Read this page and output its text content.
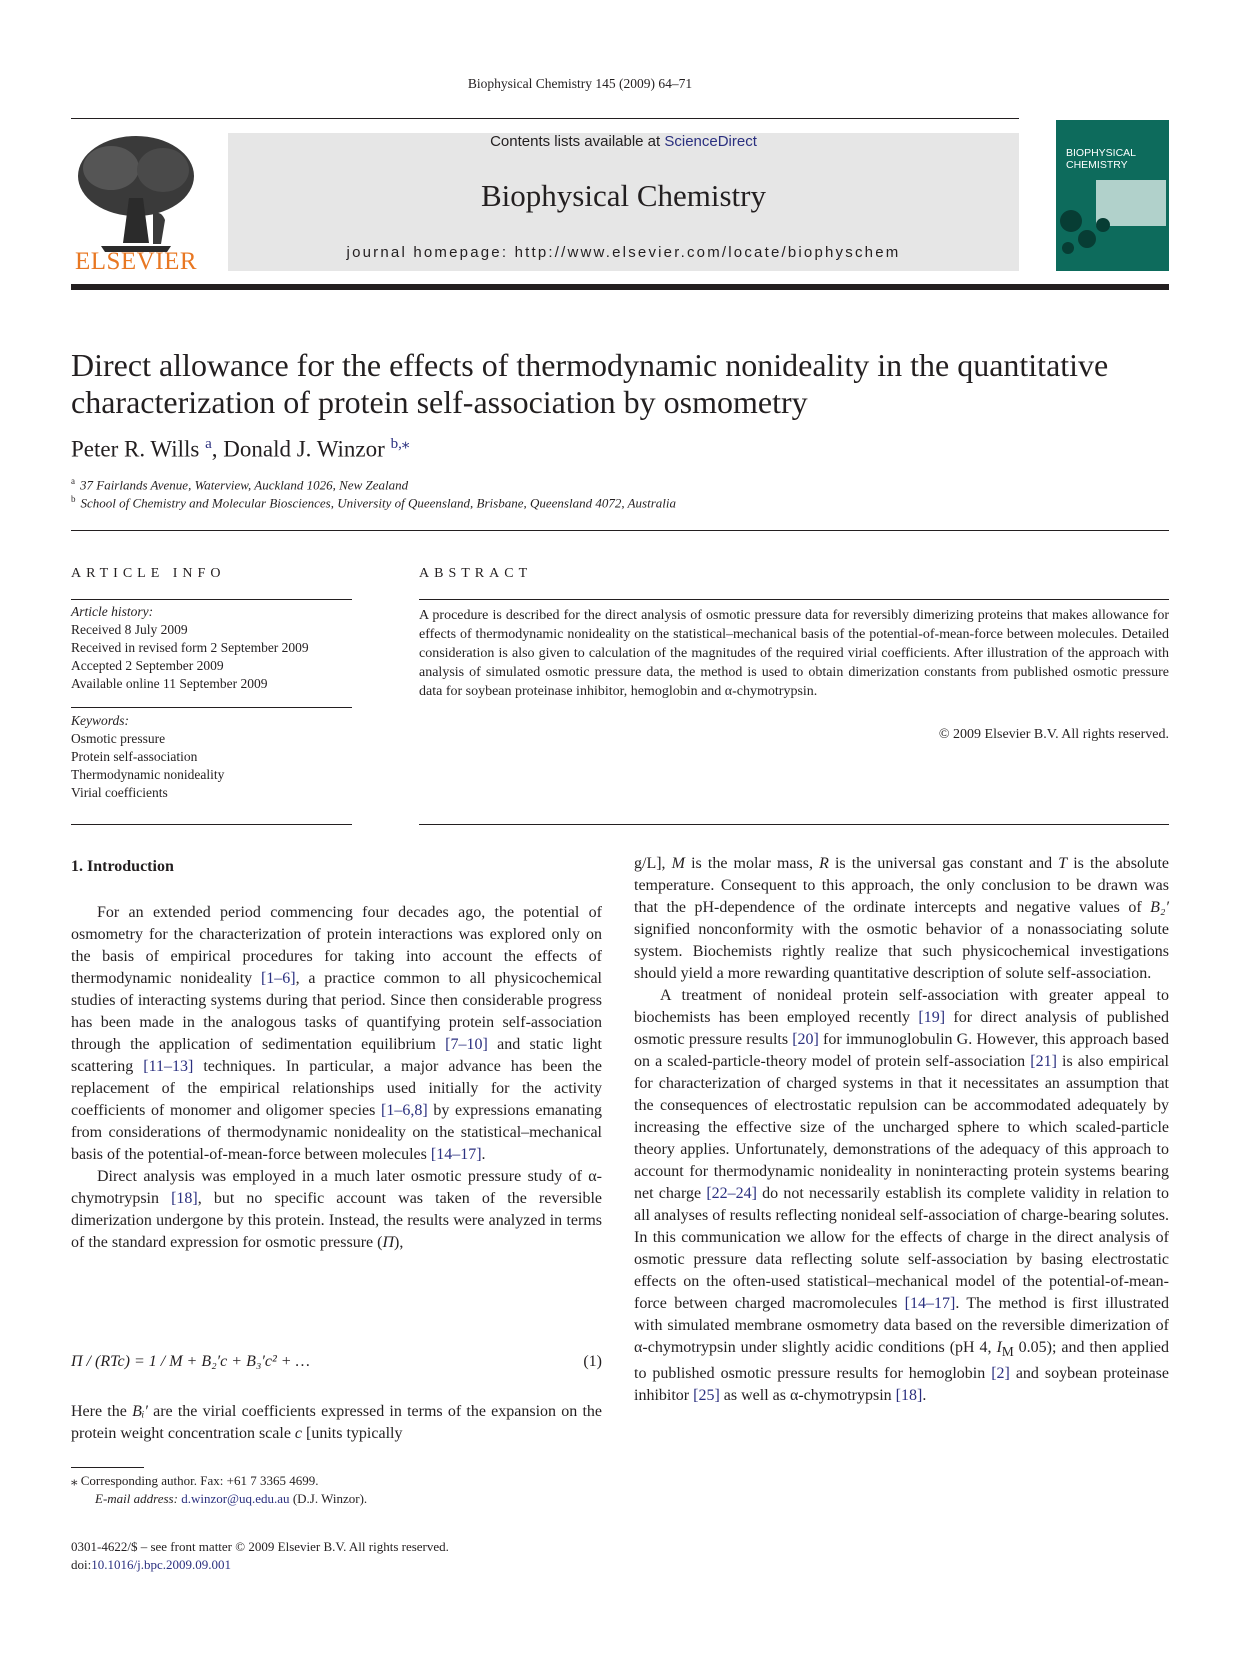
Biophysical Chemistry 145 (2009) 64–71
ELSEVIER
Contents lists available at ScienceDirect
Biophysical Chemistry
journal homepage: http://www.elsevier.com/locate/biophyschem
BIOPHYSICAL
CHEMISTRY
Direct allowance for the effects of thermodynamic nonideality in the quantitative
characterization of protein self-association by osmometry
Peter R. Wills $^a$, Donald J. Winzor $^{b,⁎}$
$^a$ 37 Fairlands Avenue, Waterview, Auckland 1026, New Zealand
$^b$ School of Chemistry and Molecular Biosciences, University of Queensland, Brisbane, Queensland 4072, Australia
ARTICLE INFO
Article history:
Received 8 July 2009
Received in revised form 2 September 2009
Accepted 2 September 2009
Available online 11 September 2009
Keywords:
Osmotic pressure
Protein self-association
Thermodynamic nonideality
Virial coefficients
ABSTRACT
A procedure is described for the direct analysis of osmotic pressure data for reversibly dimerizing proteins that makes allowance for effects of thermodynamic nonideality on the statistical–mechanical basis of the potential-of-mean-force between molecules. Detailed consideration is also given to calculation of the magnitudes of the required virial coefficients. After illustration of the approach with analysis of simulated osmotic pressure data, the method is used to obtain dimerization constants from published osmotic pressure data for soybean proteinase inhibitor, hemoglobin and α-chymotrypsin.
© 2009 Elsevier B.V. All rights reserved.
1. Introduction

For an extended period commencing four decades ago, the potential of osmometry for the characterization of protein interactions was explored only on the basis of empirical procedures for taking into account the effects of thermodynamic nonideality [1–6], a practice common to all physicochemical studies of interacting systems during that period. Since then considerable progress has been made in the analogous tasks of quantifying protein self-association through the application of sedimentation equilibrium [7–10] and static light scattering [11–13] techniques. In particular, a major advance has been the replacement of the empirical relationships used initially for the activity coefficients of monomer and oligomer species [1–6,8] by expressions emanating from considerations of thermodynamic nonideality on the statistical–mechanical basis of the potential-of-mean-force between molecules [14–17].

Direct analysis was employed in a much later osmotic pressure study of α-chymotrypsin [18], but no specific account was taken of the reversible dimerization undergone by this protein. Instead, the results were analyzed in terms of the standard expression for osmotic pressure (Π),

Π / (RTc) = 1 / M + B₂′c + B₃′c² + …	(1)

Here the Bᵢ′ are the virial coefficients expressed in terms of the expansion on the protein weight concentration scale c [units typically

⁎ Corresponding author. Fax: +61 7 3365 4699.
E-mail address: d.winzor@uq.edu.au (D.J. Winzor).
0301-4622/$ – see front matter © 2009 Elsevier B.V. All rights reserved.
doi:10.1016/j.bpc.2009.09.001

g/L], M is the molar mass, R is the universal gas constant and T is the absolute temperature. Consequent to this approach, the only conclusion to be drawn was that the pH-dependence of the ordinate intercepts and negative values of B₂′ signified nonconformity with the osmotic behavior of a nonassociating solute system. Biochemists rightly realize that such physicochemical investigations should yield a more rewarding quantitative description of solute self-association.

A treatment of nonideal protein self-association with greater appeal to biochemists has been employed recently [19] for direct analysis of published osmotic pressure results [20] for immunoglobulin G. However, this approach based on a scaled-particle-theory model of protein self-association [21] is also empirical for characterization of charged systems in that it necessitates an assumption that the consequences of electrostatic repulsion can be accommodated adequately by increasing the effective size of the uncharged sphere to which scaled-particle theory applies. Unfortunately, demonstrations of the adequacy of this approach to account for thermodynamic nonideality in noninteracting protein systems bearing net charge [22–24] do not necessarily establish its complete validity in relation to all analyses of results reflecting nonideal self-association of charge-bearing solutes. In this communication we allow for the effects of charge in the direct analysis of osmotic pressure data reflecting solute self-association by basing electrostatic effects on the often-used statistical–mechanical model of the potential-of-mean-force between charged macromolecules [14–17]. The method is first illustrated with simulated membrane osmometry data based on the reversible dimerization of α-chymotrypsin under slightly acidic conditions (pH 4, $I_M$ 0.05); and then applied to published osmotic pressure results for hemoglobin [2] and soybean proteinase inhibitor [25] as well as α-chymotrypsin [18].
